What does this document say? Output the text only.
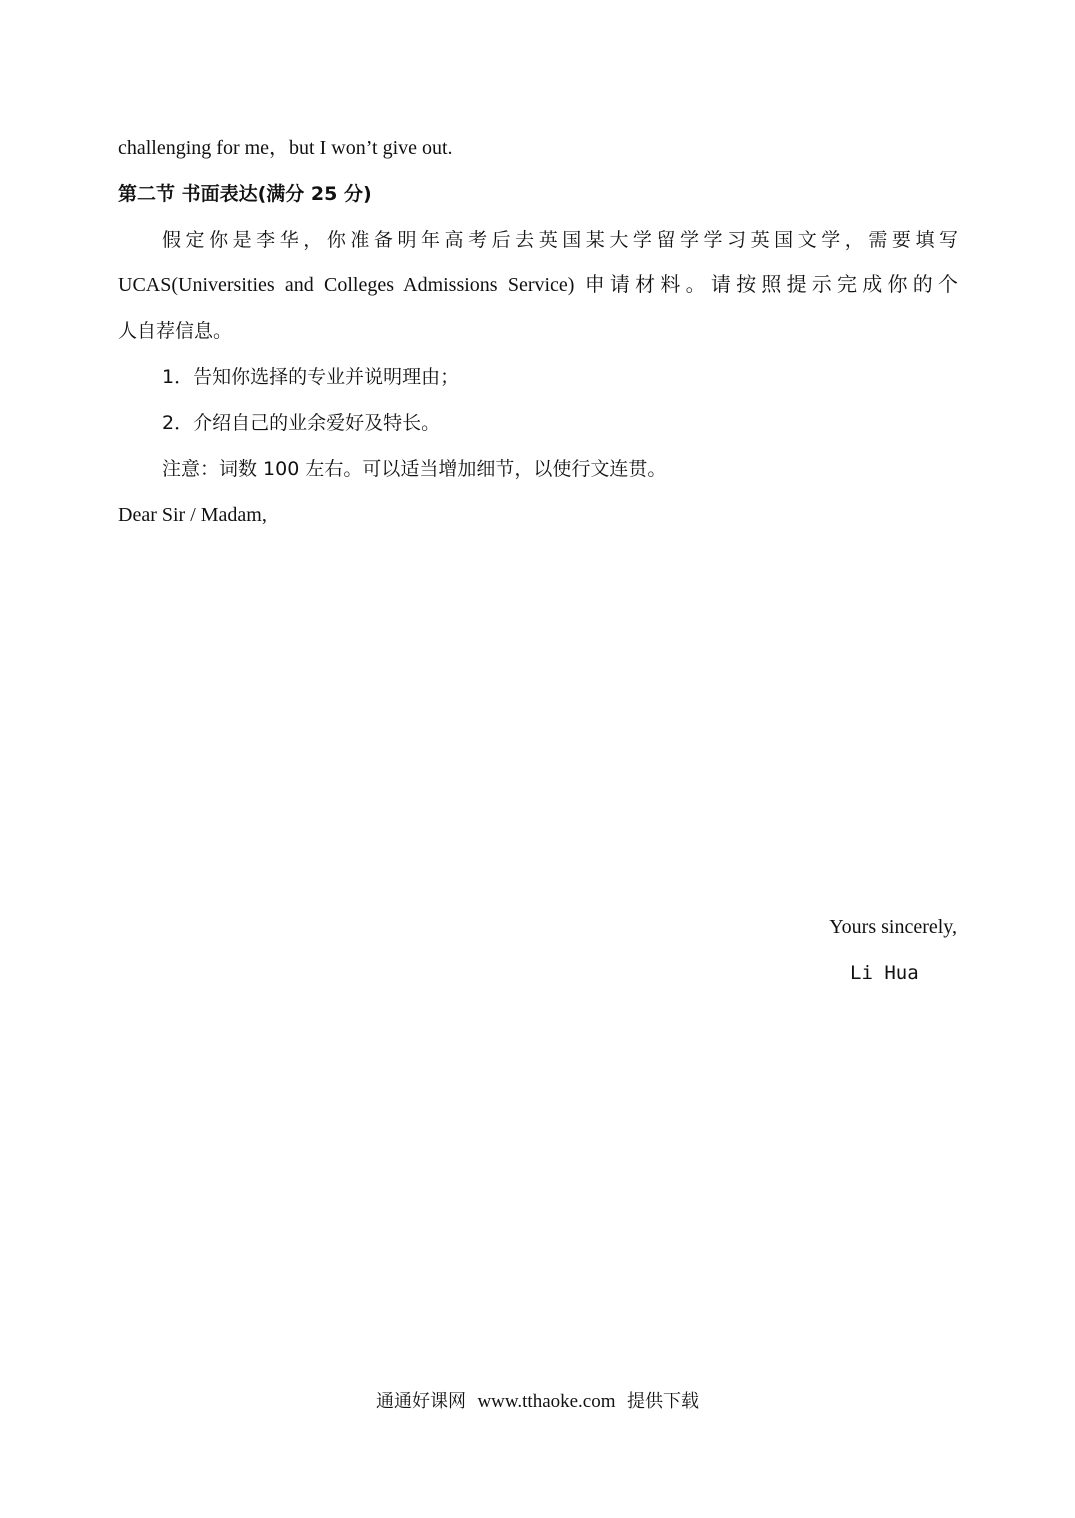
challenging for me，but I won’t give out.
第二节 书面表达(满分 25 分)
假定你是李华，你准备明年高考后去英国某大学留学学习英国文学，需要填写
UCAS(Universities and Colleges Admissions Service) 申请材料。请按照提示完成你的个
人自荐信息。
1．告知你选择的专业并说明理由；
2．介绍自己的业余爱好及特长。
注意：词数 100 左右。可以适当增加细节，以使行文连贯。
Dear Sir / Madam,
Yours sincerely,
Li Hua
通通好课网 www.tthaoke.com 提供下载
